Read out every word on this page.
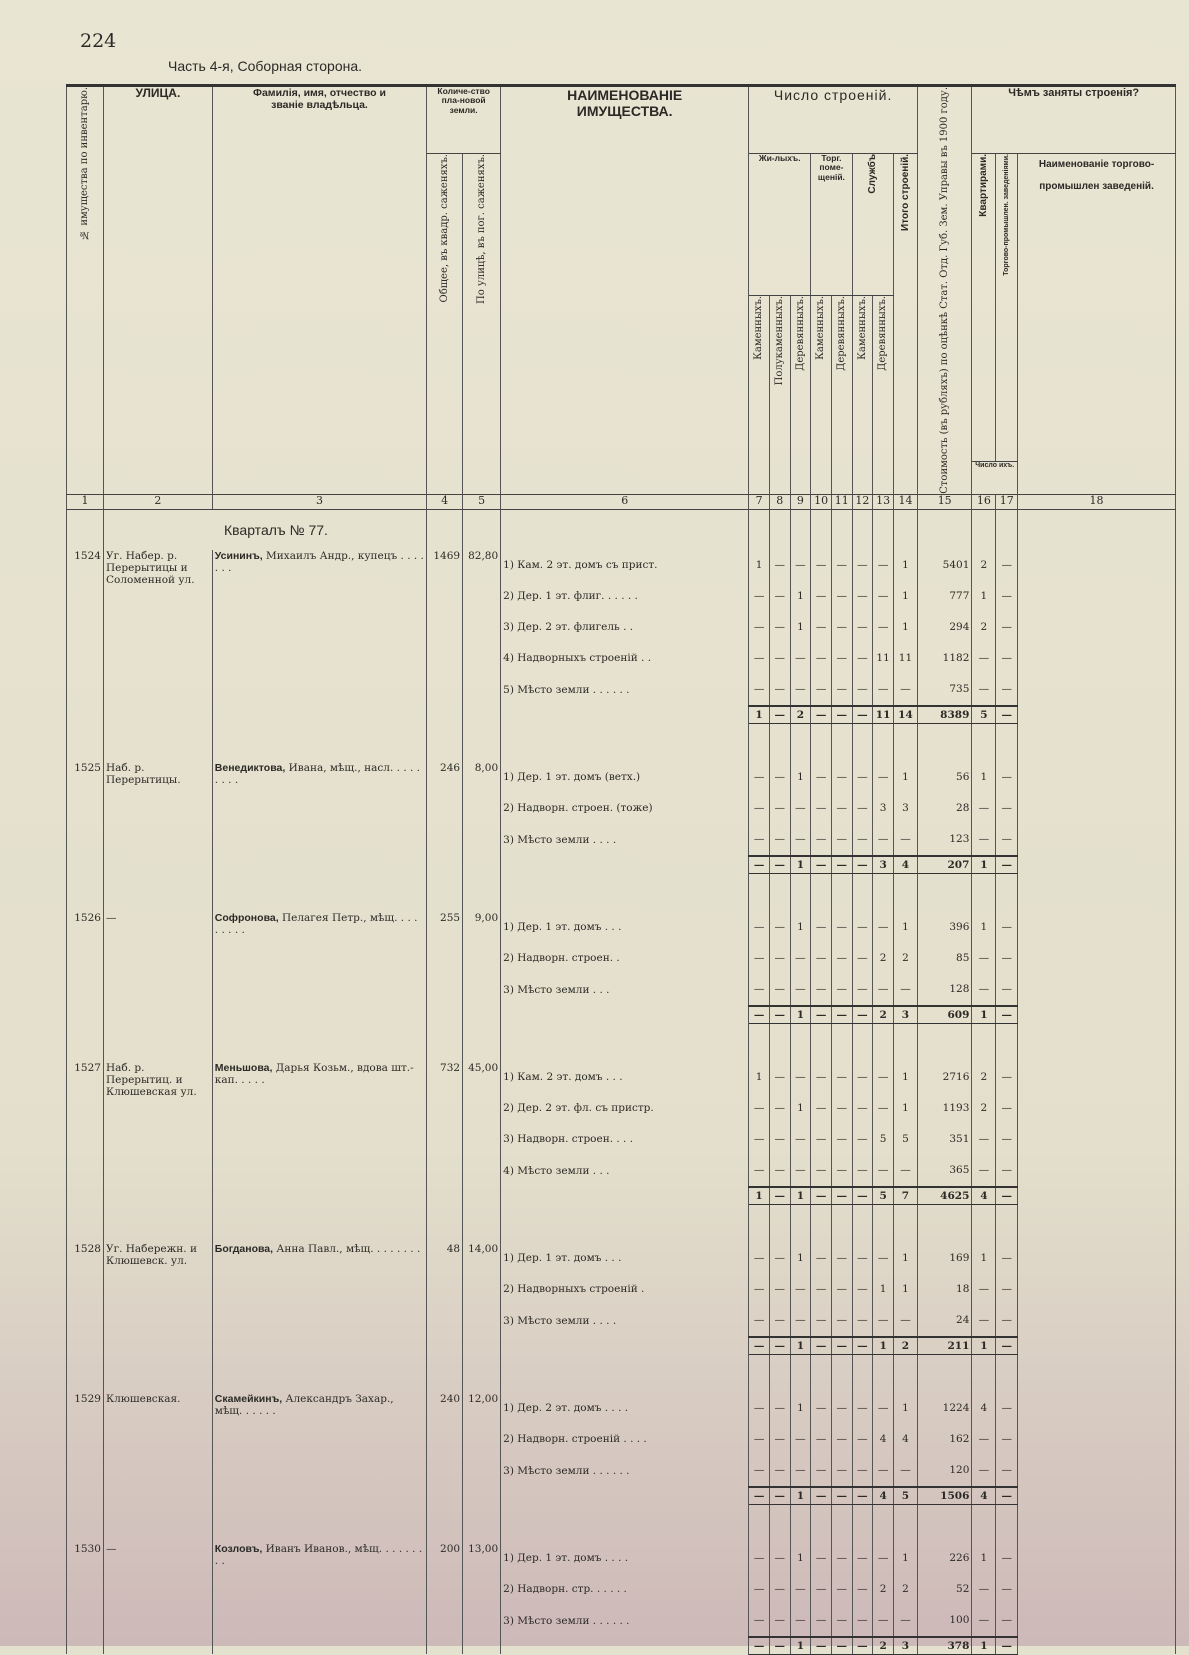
224
Часть 4-я, Соборная сторона.
№ имущества по инвентарю.	УЛИЦА.	Фамилія, имя, отчество и званіе владѣльца.	Количе-ство пла-новой земли.		НАИМЕНОВАНІЕ ИМУЩЕСТВА.	Число строеній.								Стоимость (въ рубляхъ) по оцѣнкѣ Стат. Отд. Губ. Зем. Управы въ 1900 году.	Чѣмъ заняты строенія?		

			Общее, въ квадр. саженяхъ.	По улицѣ, въ пог. саженяхъ.		Жи-лыхъ.			Торг. поме-щеній.		Службъ		Итого строеній.		Квартирами.	Торгово-промышлен. заведеніями.	Наименованіе торгово-промышлен заведеній.

						Каменныхъ.	Полукаменныхъ.	Деревянныхъ.	Каменныхъ.	Деревянныхъ.	Каменныхъ.	Деревянныхъ.					

															Число ихъ.		
1	2	3	4	5	6	7	8	9	10	11	12	13	14	15	16	17	18
	Кварталъ № 77.																
1524	Уг. Набер. р. Перерытицы и Соломенной ул.	Усининъ, Михаилъ Андр., купецъ . . . . . . .	1469	82,80	1) Кам. 2 эт. домъ съ прист.	1	—	—	—	—	—	—	1	5401	2	—	
					2) Дер. 1 эт. флиг. . . . . .	—	—	1	—	—	—	—	1	777	1	—	
					3) Дер. 2 эт. флигель . .	—	—	1	—	—	—	—	1	294	2	—	
					4) Надворныхъ строеній . .	—	—	—	—	—	—	11	11	1182	—	—	
					5) Мѣсто земли . . . . . .	—	—	—	—	—	—	—	—	735	—	—	
						1	—	2	—	—	—	11	14	8389	5	—	

1525	Наб. р. Перерытицы.	Венедиктова, Ивана, мѣщ., насл. . . . . . . . .	246	8,00	1) Дер. 1 эт. домъ (ветх.)	—	—	1	—	—	—	—	1	56	1	—	
					2) Надворн. строен. (тоже)	—	—	—	—	—	—	3	3	28	—	—	
					3) Мѣсто земли . . . .	—	—	—	—	—	—	—	—	123	—	—	
						—	—	1	—	—	—	3	4	207	1	—	

1526	—	Софронова, Пелагея Петр., мѣщ. . . . . . . . .	255	9,00	1) Дер. 1 эт. домъ . . .	—	—	1	—	—	—	—	1	396	1	—	
					2) Надворн. строен. .	—	—	—	—	—	—	2	2	85	—	—	
					3) Мѣсто земли . . .	—	—	—	—	—	—	—	—	128	—	—	
						—	—	1	—	—	—	2	3	609	1	—	

1527	Наб. р. Перерытиц. и Клюшевская ул.	Меньшова, Дарья Козьм., вдова шт.-кап. . . . .	732	45,00	1) Кам. 2 эт. домъ . . .	1	—	—	—	—	—	—	1	2716	2	—	
					2) Дер. 2 эт. фл. съ пристр.	—	—	1	—	—	—	—	1	1193	2	—	
					3) Надворн. строен. . . .	—	—	—	—	—	—	5	5	351	—	—	
					4) Мѣсто земли . . .	—	—	—	—	—	—	—	—	365	—	—	
						1	—	1	—	—	—	5	7	4625	4	—	

1528	Уг. Набережн. и Клюшевск. ул.	Богданова, Анна Павл., мѣщ. . . . . . . .	48	14,00	1) Дер. 1 эт. домъ . . .	—	—	1	—	—	—	—	1	169	1	—	
					2) Надворныхъ строеній .	—	—	—	—	—	—	1	1	18	—	—	
					3) Мѣсто земли . . . .	—	—	—	—	—	—	—	—	24	—	—	
						—	—	1	—	—	—	1	2	211	1	—	

1529	Клюшевская.	Скамейкинъ, Александръ Захар., мѣщ. . . . . .	240	12,00	1) Дер. 2 эт. домъ . . . .	—	—	1	—	—	—	—	1	1224	4	—	
					2) Надворн. строеній . . . .	—	—	—	—	—	—	4	4	162	—	—	
					3) Мѣсто земли . . . . . .	—	—	—	—	—	—	—	—	120	—	—	
						—	—	1	—	—	—	4	5	1506	4	—	

1530	—	Козловъ, Иванъ Иванов., мѣщ. . . . . . . . .	200	13,00	1) Дер. 1 эт. домъ . . . .	—	—	1	—	—	—	—	1	226	1	—	
					2) Надворн. стр. . . . . .	—	—	—	—	—	—	2	2	52	—	—	
					3) Мѣсто земли . . . . . .	—	—	—	—	—	—	—	—	100	—	—	
						—	—	1	—	—	—	2	3	378	1	—	
